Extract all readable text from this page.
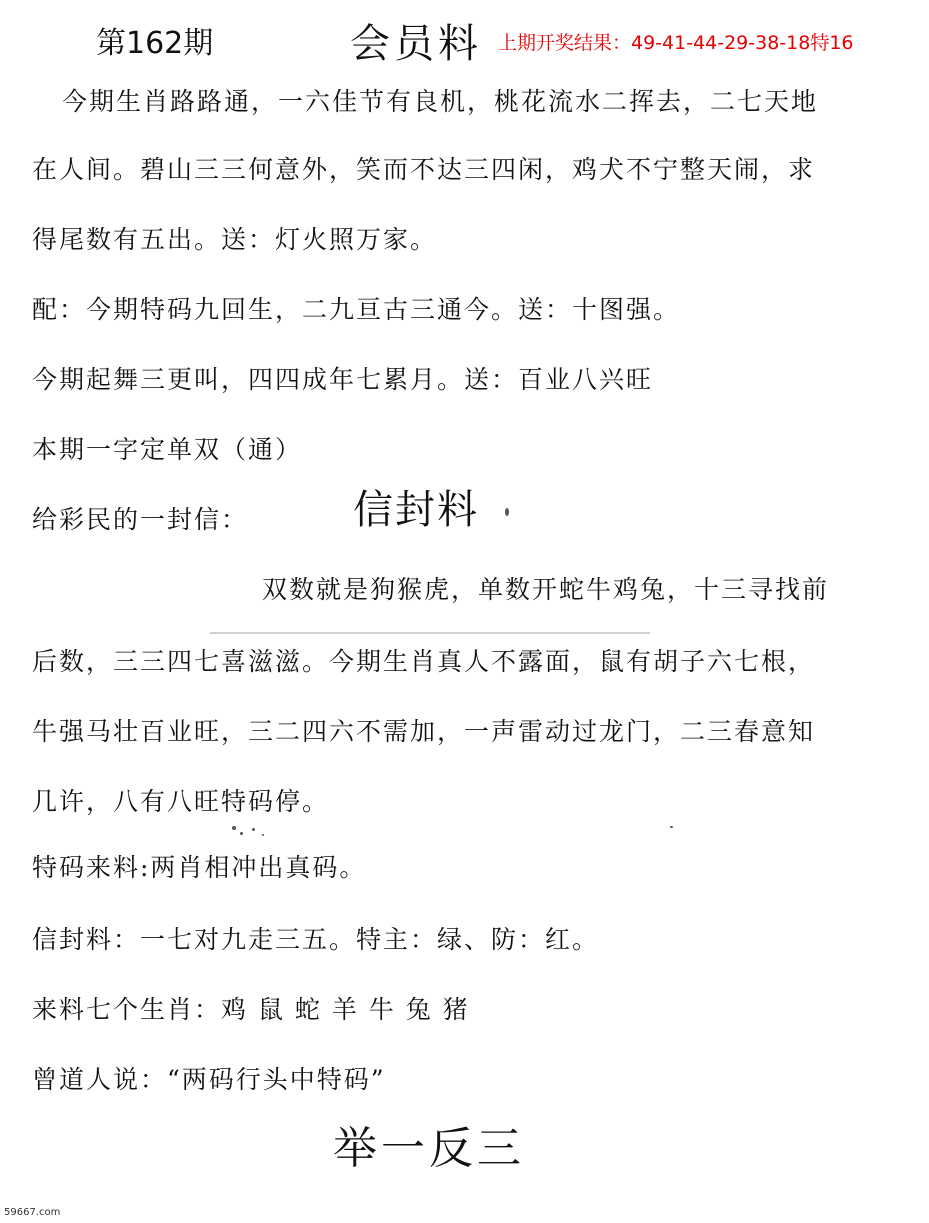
第162期	会员料 上期开奖结果：49-41-44-29-38-18特16
今期生肖路路通，一六佳节有良机，桃花流水二挥去，二七天地
在人间。碧山三三何意外，笑而不达三四闲，鸡犬不宁整天闹，求
得尾数有五出。送：灯火照万家。
配：今期特码九回生，二九亘古三通今。送：十图强。
今期起舞三更叫，四四成年七累月。送：百业八兴旺
本期一字定单双（通）
给彩民的一封信：	信封料
双数就是狗猴虎，单数开蛇牛鸡兔，十三寻找前
后数，三三四七喜滋滋。今期生肖真人不露面，鼠有胡子六七根，
牛强马壮百业旺，三二四六不需加，一声雷动过龙门，二三春意知
几许，八有八旺特码停。
特码来料:两肖相冲出真码。
信封料：一七对九走三五。特主：绿、防：红。
来料七个生肖：鸡 鼠 蛇 羊 牛 兔 猪
曾道人说：“两码行头中特码”
举一反三
59667.com
